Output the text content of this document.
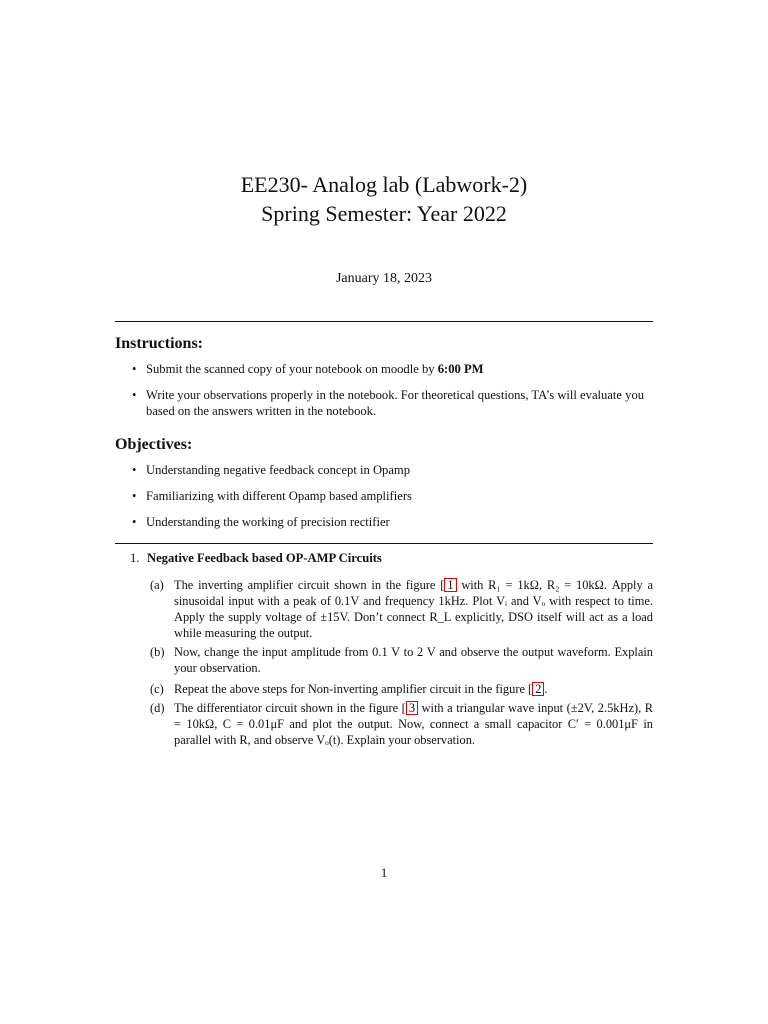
EE230- Analog lab (Labwork-2)
Spring Semester: Year 2022
January 18, 2023
Instructions:
• Submit the scanned copy of your notebook on moodle by 6:00 PM
• Write your observations properly in the notebook. For theoretical questions, TA’s will evaluate you based on the answers written in the notebook.
Objectives:
• Understanding negative feedback concept in Opamp
• Familiarizing with different Opamp based amplifiers
• Understanding the working of precision rectifier
1. Negative Feedback based OP-AMP Circuits
(a) The inverting amplifier circuit shown in the figure [ 1 with R₁ = 1kΩ, R₂ = 10kΩ. Apply a sinusoidal input with a peak of 0.1V and frequency 1kHz. Plot Vᵢ and Vₒ with respect to time. Apply the supply voltage of ±15V. Don’t connect R_L explicitly, DSO itself will act as a load while measuring the output.
(b) Now, change the input amplitude from 0.1 V to 2 V and observe the output waveform. Explain your observation.
(c) Repeat the above steps for Non-inverting amplifier circuit in the figure [ 2 .
(d) The differentiator circuit shown in the figure [ 3 with a triangular wave input (±2V, 2.5kHz), R = 10kΩ, C = 0.01μF and plot the output. Now, connect a small capacitor C′ = 0.001μF in parallel with R, and observe Vₒ(t). Explain your observation.
1
